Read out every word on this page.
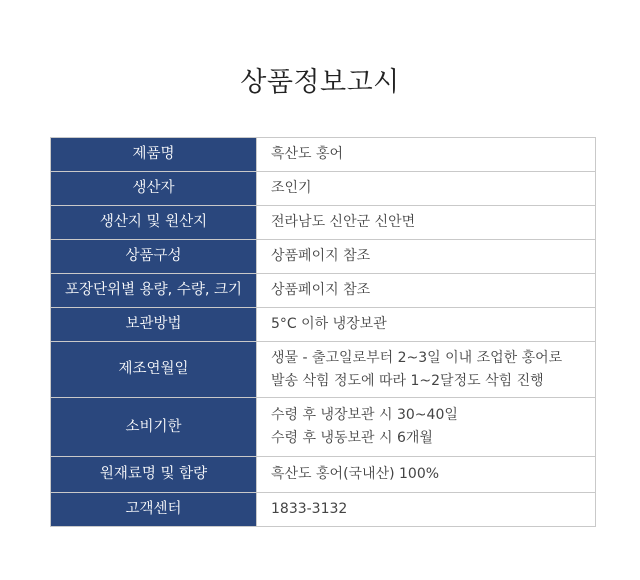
상품정보고시
제품명	흑산도 홍어

생산자	조인기

생산지 및 원산지	전라남도 신안군 신안면

상품구성	상품페이지 참조

포장단위별 용량, 수량, 크기	상품페이지 참조

보관방법	5°C 이하 냉장보관

제조연월일	생물 - 출고일로부터 2~3일 이내 조업한 홍어로
발송 삭힘 정도에 따라 1~2달정도 삭힘 진행

소비기한	수령 후 냉장보관 시 30~40일
수령 후 냉동보관 시 6개월

원재료명 및 함량	흑산도 홍어(국내산) 100%

고객센터	1833-3132
